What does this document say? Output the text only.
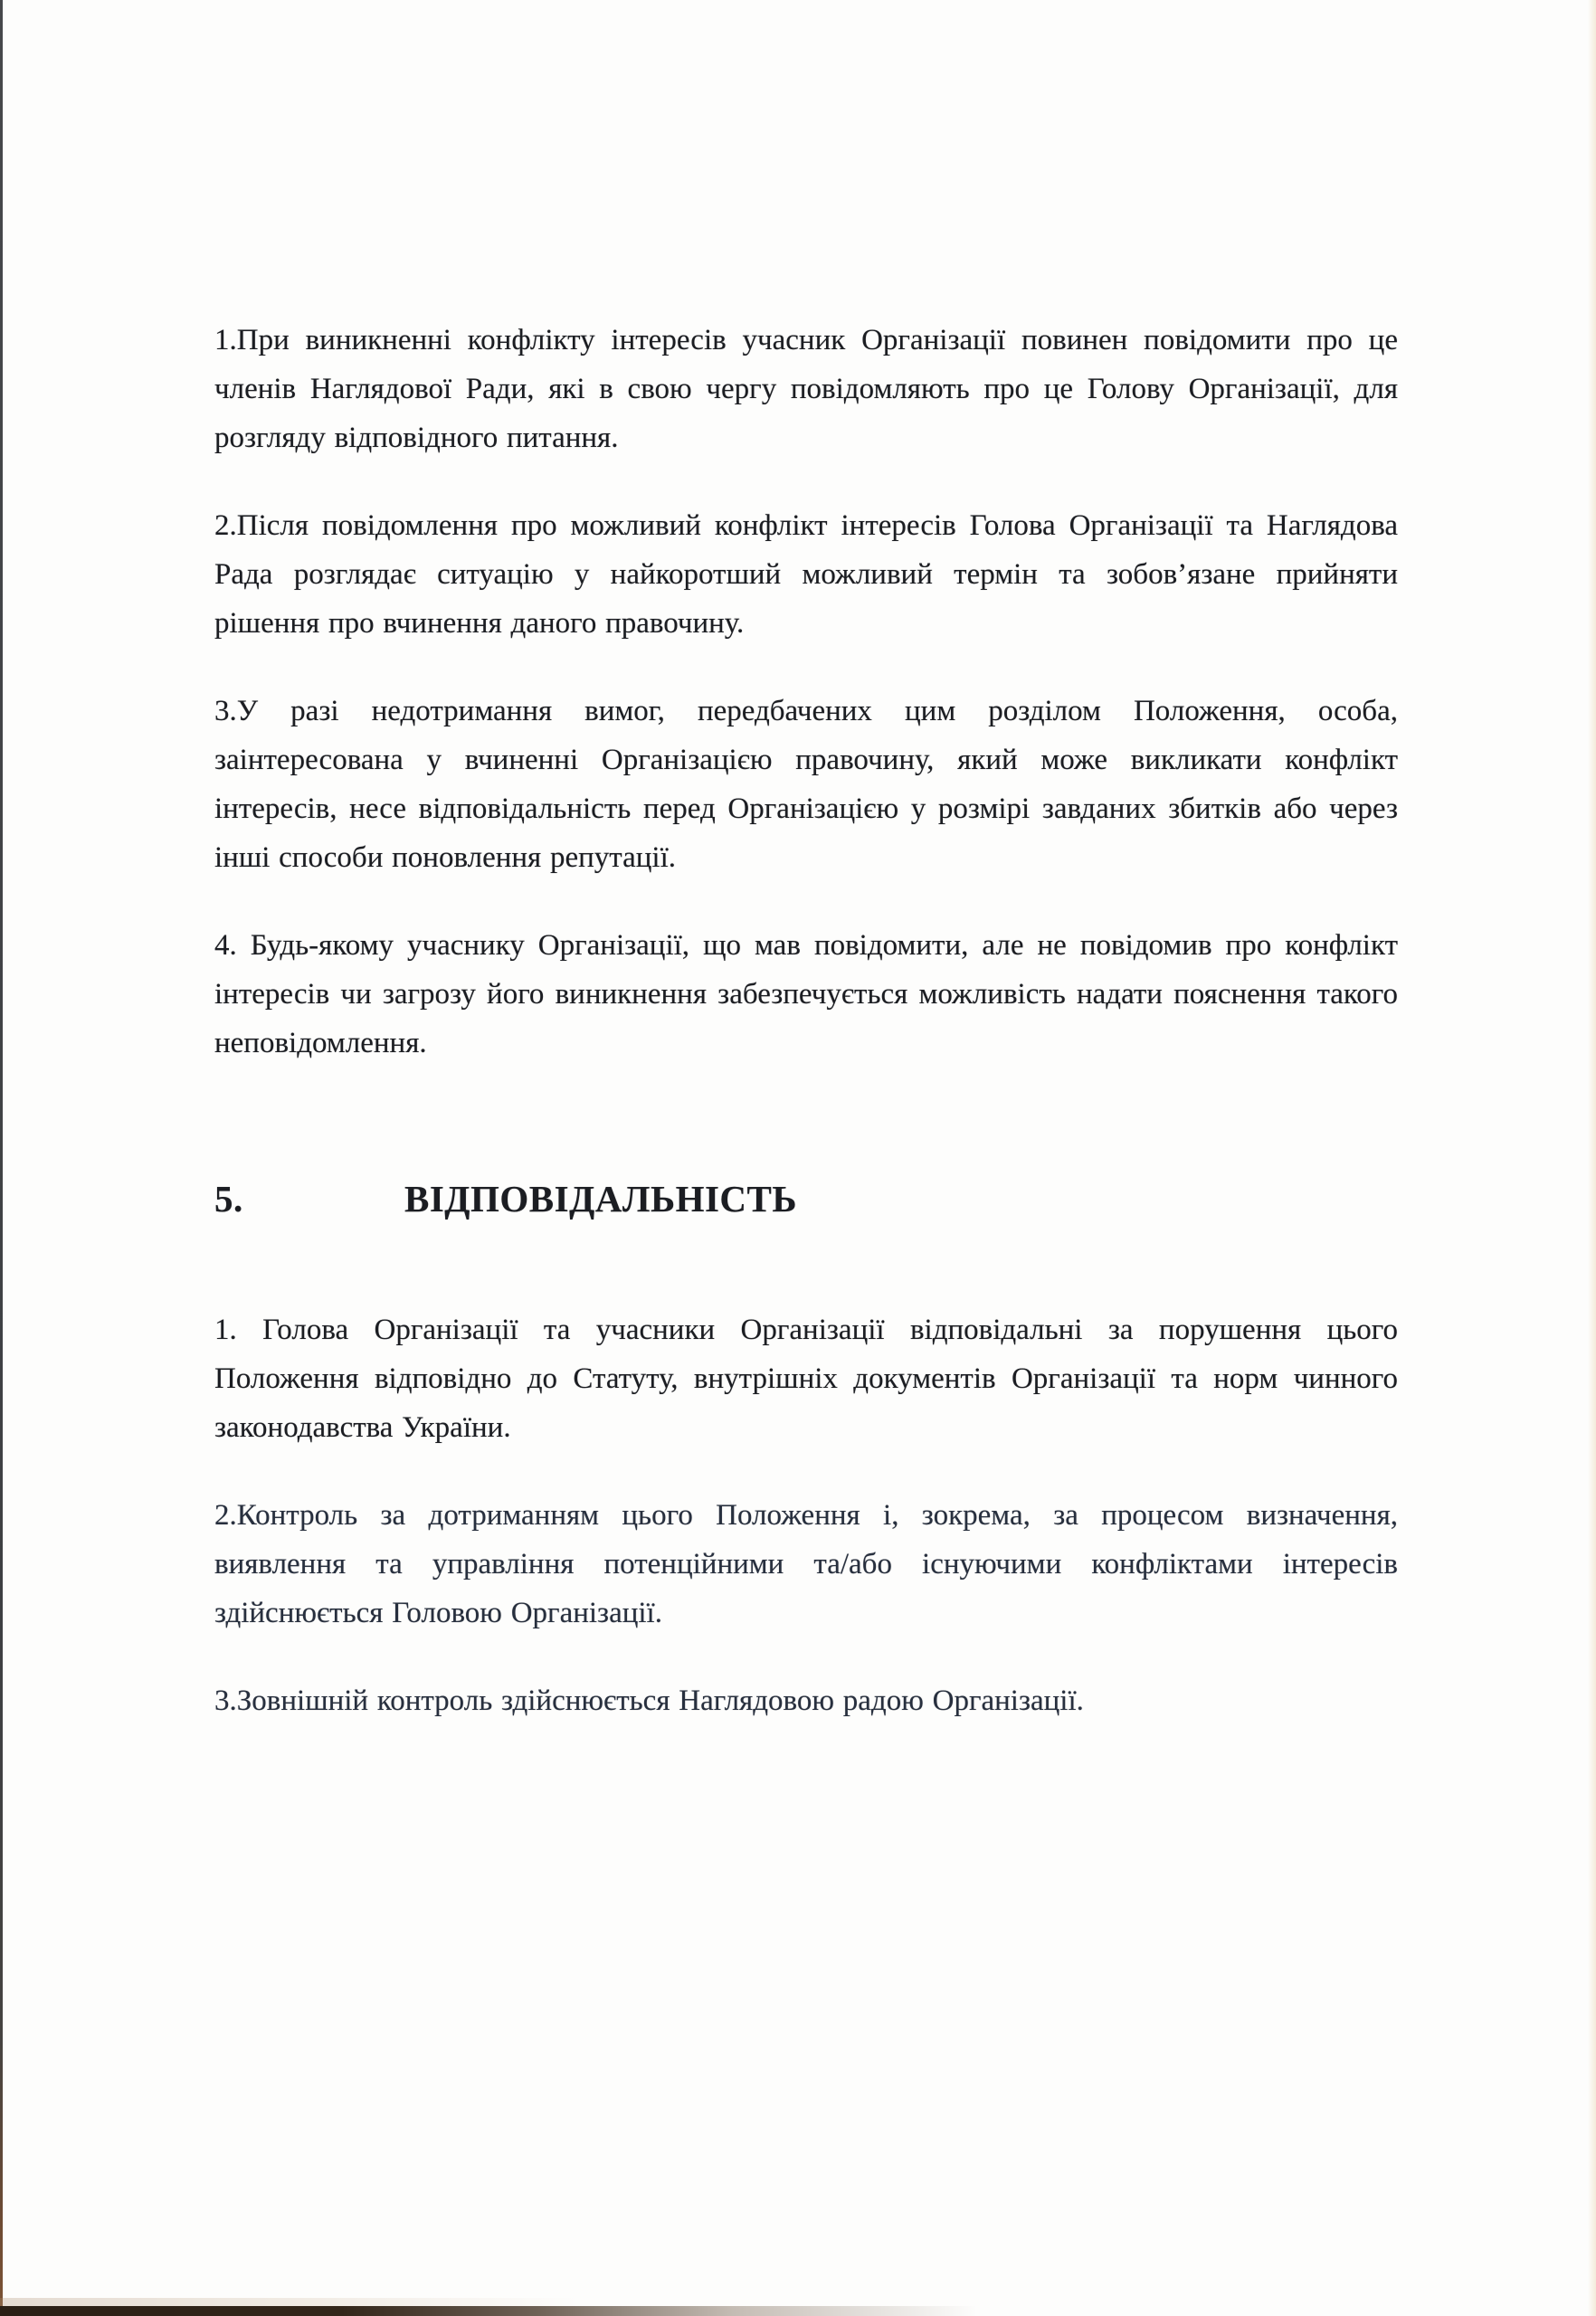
1.При виникненні конфлікту інтересів учасник Організації повинен повідомити про це членів Наглядової Ради, які в свою чергу повідомляють про це Голову Організації, для розгляду відповідного питання.

2.Після повідомлення про можливий конфлікт інтересів Голова Організації та Наглядова Рада розглядає ситуацію у найкоротший можливий термін та зобов’язане прийняти рішення про вчинення даного правочину.

3.У разі недотримання вимог, передбачених цим розділом Положення, особа, заінтересована у вчиненні Організацією правочину, який може викликати конфлікт інтересів, несе відповідальність перед Організацією у розмірі завданих збитків або через інші способи поновлення репутації.

4. Будь-якому учаснику Організації, що мав повідомити, але не повідомив про конфлікт інтересів чи загрозу його виникнення забезпечується можливість надати пояснення такого неповідомлення.

5.	ВІДПОВІДАЛЬНІСТЬ

1. Голова Організації та учасники Організації відповідальні за порушення цього Положення відповідно до Статуту, внутрішніх документів Організації та норм чинного законодавства України.

2.Контроль за дотриманням цього Положення і, зокрема, за процесом визначення, виявлення та управління потенційними та/або існуючими конфліктами інтересів здійснюється Головою Організації.

3.Зовнішній контроль здійснюється Наглядовою радою Організації.
